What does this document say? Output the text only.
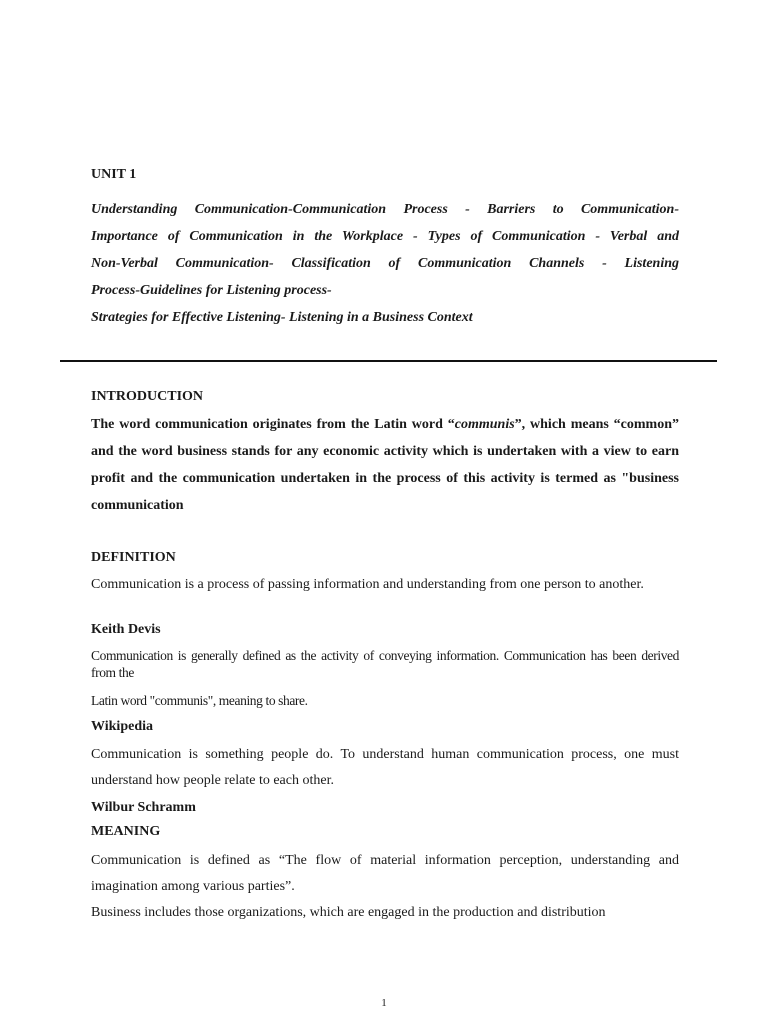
UNIT 1

Understanding Communication-Communication Process - Barriers to Communication-

Importance of Communication in the Workplace - Types of Communication - Verbal and

Non-Verbal Communication- Classification of Communication Channels - Listening

Process-Guidelines for Listening process-

Strategies for Effective Listening- Listening in a Business Context

INTRODUCTION

The word communication originates from the Latin word “communis”, which means “common” and the word business stands for any economic activity which is undertaken with a view to earn profit and the communication undertaken in the process of this activity is termed as "business communication

DEFINITION

Communication is a process of passing information and understanding from one person to another.

Keith Devis

Communication is generally defined as the activity of conveying information. Communication has been derived from the

Latin word "communis", meaning to share.

Wikipedia

Communication is something people do. To understand human communication process, one must understand how people relate to each other.

Wilbur Schramm
MEANING

Communication is defined as “The flow of material information perception, understanding and imagination among various parties”.

Business includes those organizations, which are engaged in the production and distribution

1
